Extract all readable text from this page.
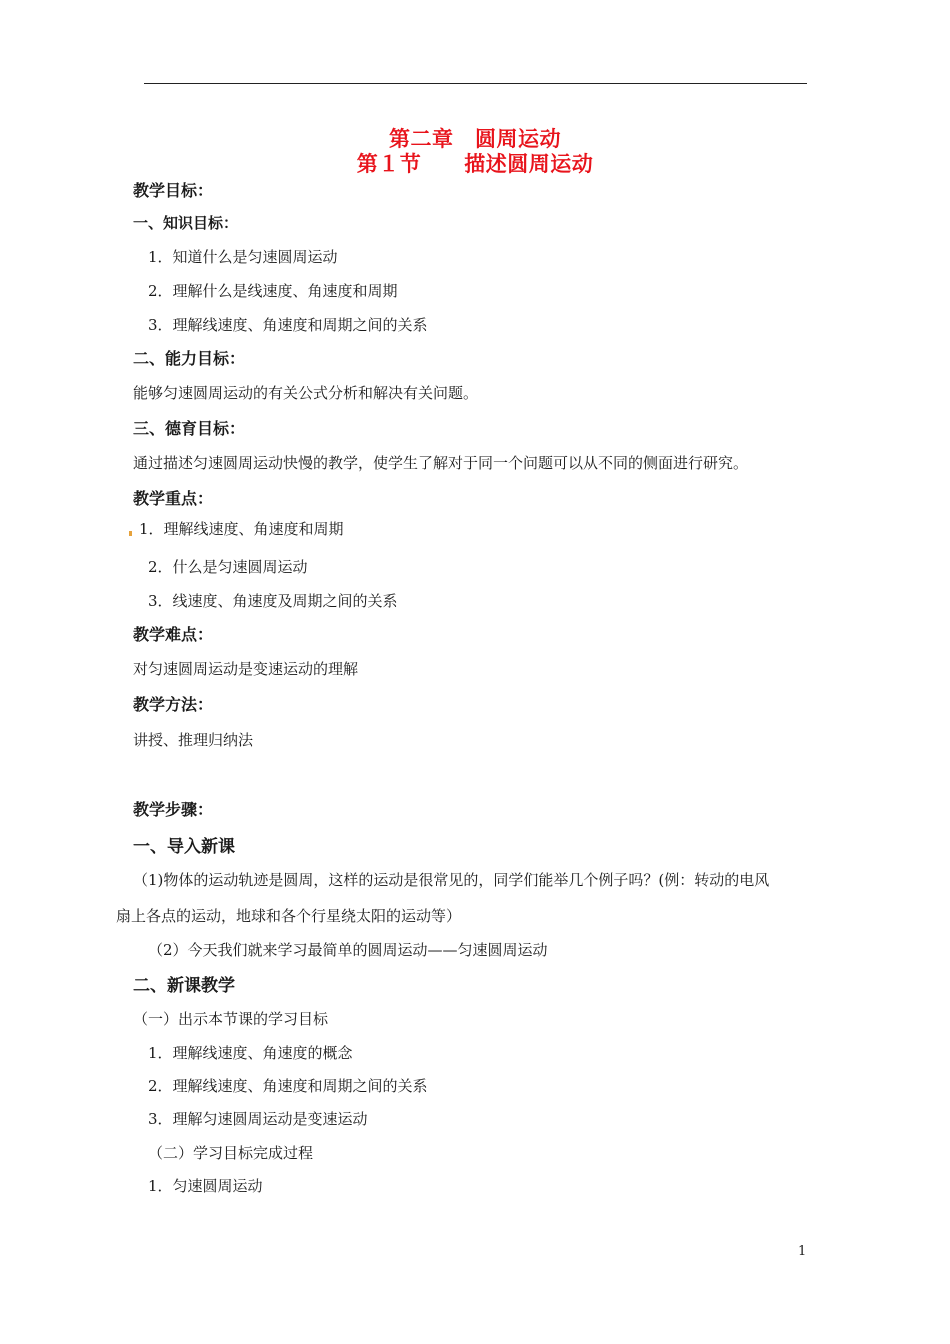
第二章　圆周运动
第１节　　描述圆周运动
教学目标：
一、知识目标：
1．知道什么是匀速圆周运动
2．理解什么是线速度、角速度和周期
3．理解线速度、角速度和周期之间的关系
二、能力目标：
能够匀速圆周运动的有关公式分析和解决有关问题。
三、德育目标：
通过描述匀速圆周运动快慢的教学，使学生了解对于同一个问题可以从不同的侧面进行研究。
教学重点：
1．理解线速度、角速度和周期
2．什么是匀速圆周运动
3．线速度、角速度及周期之间的关系
教学难点：
对匀速圆周运动是变速运动的理解
教学方法：
讲授、推理归纳法
教学步骤：
一、导入新课
（1)物体的运动轨迹是圆周，这样的运动是很常见的，同学们能举几个例子吗？(例：转动的电风
扇上各点的运动，地球和各个行星绕太阳的运动等）
（2）今天我们就来学习最简单的圆周运动——匀速圆周运动
二、新课教学
（一）出示本节课的学习目标
1．理解线速度、角速度的概念
2．理解线速度、角速度和周期之间的关系
3．理解匀速圆周运动是变速运动
（二）学习目标完成过程
1．匀速圆周运动
1
